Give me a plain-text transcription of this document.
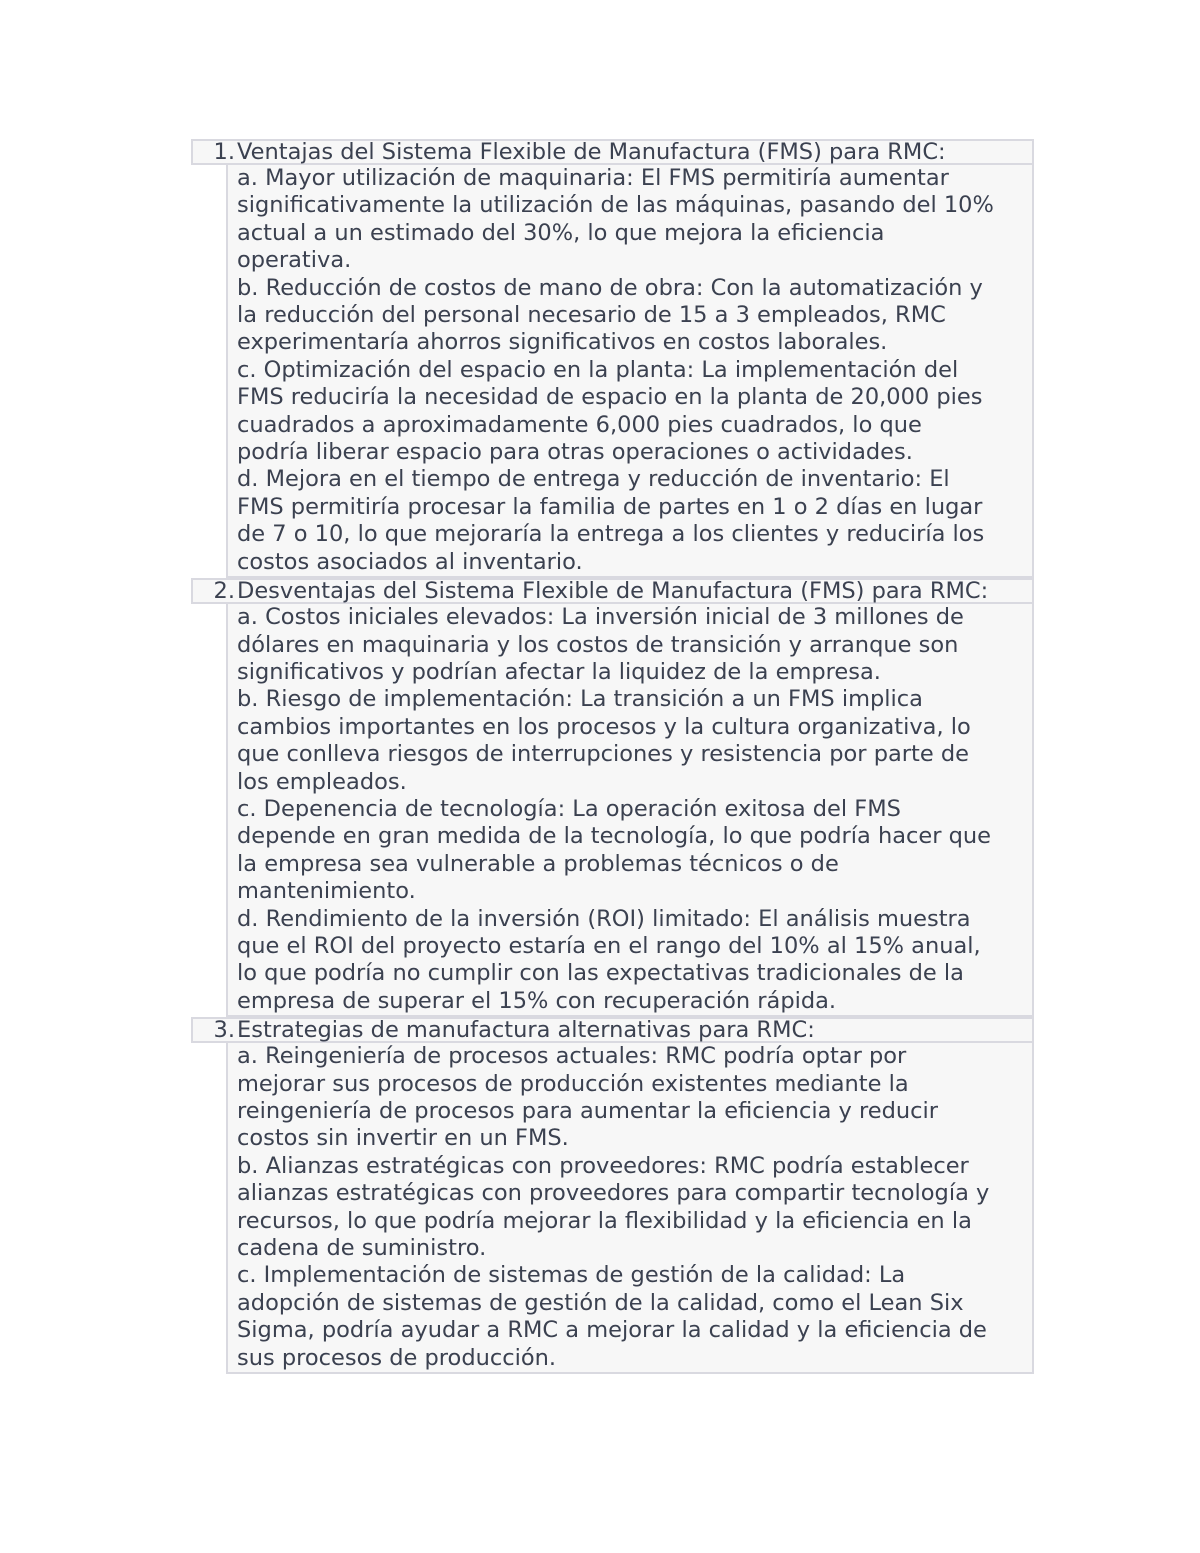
1. Ventajas del Sistema Flexible de Manufactura (FMS) para RMC:
a. Mayor utilización de maquinaria: El FMS permitiría aumentar
significativamente la utilización de las máquinas, pasando del 10%
actual a un estimado del 30%, lo que mejora la eficiencia
operativa.
b. Reducción de costos de mano de obra: Con la automatización y
la reducción del personal necesario de 15 a 3 empleados, RMC
experimentaría ahorros significativos en costos laborales.
c. Optimización del espacio en la planta: La implementación del
FMS reduciría la necesidad de espacio en la planta de 20,000 pies
cuadrados a aproximadamente 6,000 pies cuadrados, lo que
podría liberar espacio para otras operaciones o actividades.
d. Mejora en el tiempo de entrega y reducción de inventario: El
FMS permitiría procesar la familia de partes en 1 o 2 días en lugar
de 7 o 10, lo que mejoraría la entrega a los clientes y reduciría los
costos asociados al inventario.
2. Desventajas del Sistema Flexible de Manufactura (FMS) para RMC:
a. Costos iniciales elevados: La inversión inicial de 3 millones de
dólares en maquinaria y los costos de transición y arranque son
significativos y podrían afectar la liquidez de la empresa.
b. Riesgo de implementación: La transición a un FMS implica
cambios importantes en los procesos y la cultura organizativa, lo
que conlleva riesgos de interrupciones y resistencia por parte de
los empleados.
c. Depenencia de tecnología: La operación exitosa del FMS
depende en gran medida de la tecnología, lo que podría hacer que
la empresa sea vulnerable a problemas técnicos o de
mantenimiento.
d. Rendimiento de la inversión (ROI) limitado: El análisis muestra
que el ROI del proyecto estaría en el rango del 10% al 15% anual,
lo que podría no cumplir con las expectativas tradicionales de la
empresa de superar el 15% con recuperación rápida.
3. Estrategias de manufactura alternativas para RMC:
a. Reingeniería de procesos actuales: RMC podría optar por
mejorar sus procesos de producción existentes mediante la
reingeniería de procesos para aumentar la eficiencia y reducir
costos sin invertir en un FMS.
b. Alianzas estratégicas con proveedores: RMC podría establecer
alianzas estratégicas con proveedores para compartir tecnología y
recursos, lo que podría mejorar la flexibilidad y la eficiencia en la
cadena de suministro.
c. Implementación de sistemas de gestión de la calidad: La
adopción de sistemas de gestión de la calidad, como el Lean Six
Sigma, podría ayudar a RMC a mejorar la calidad y la eficiencia de
sus procesos de producción.
